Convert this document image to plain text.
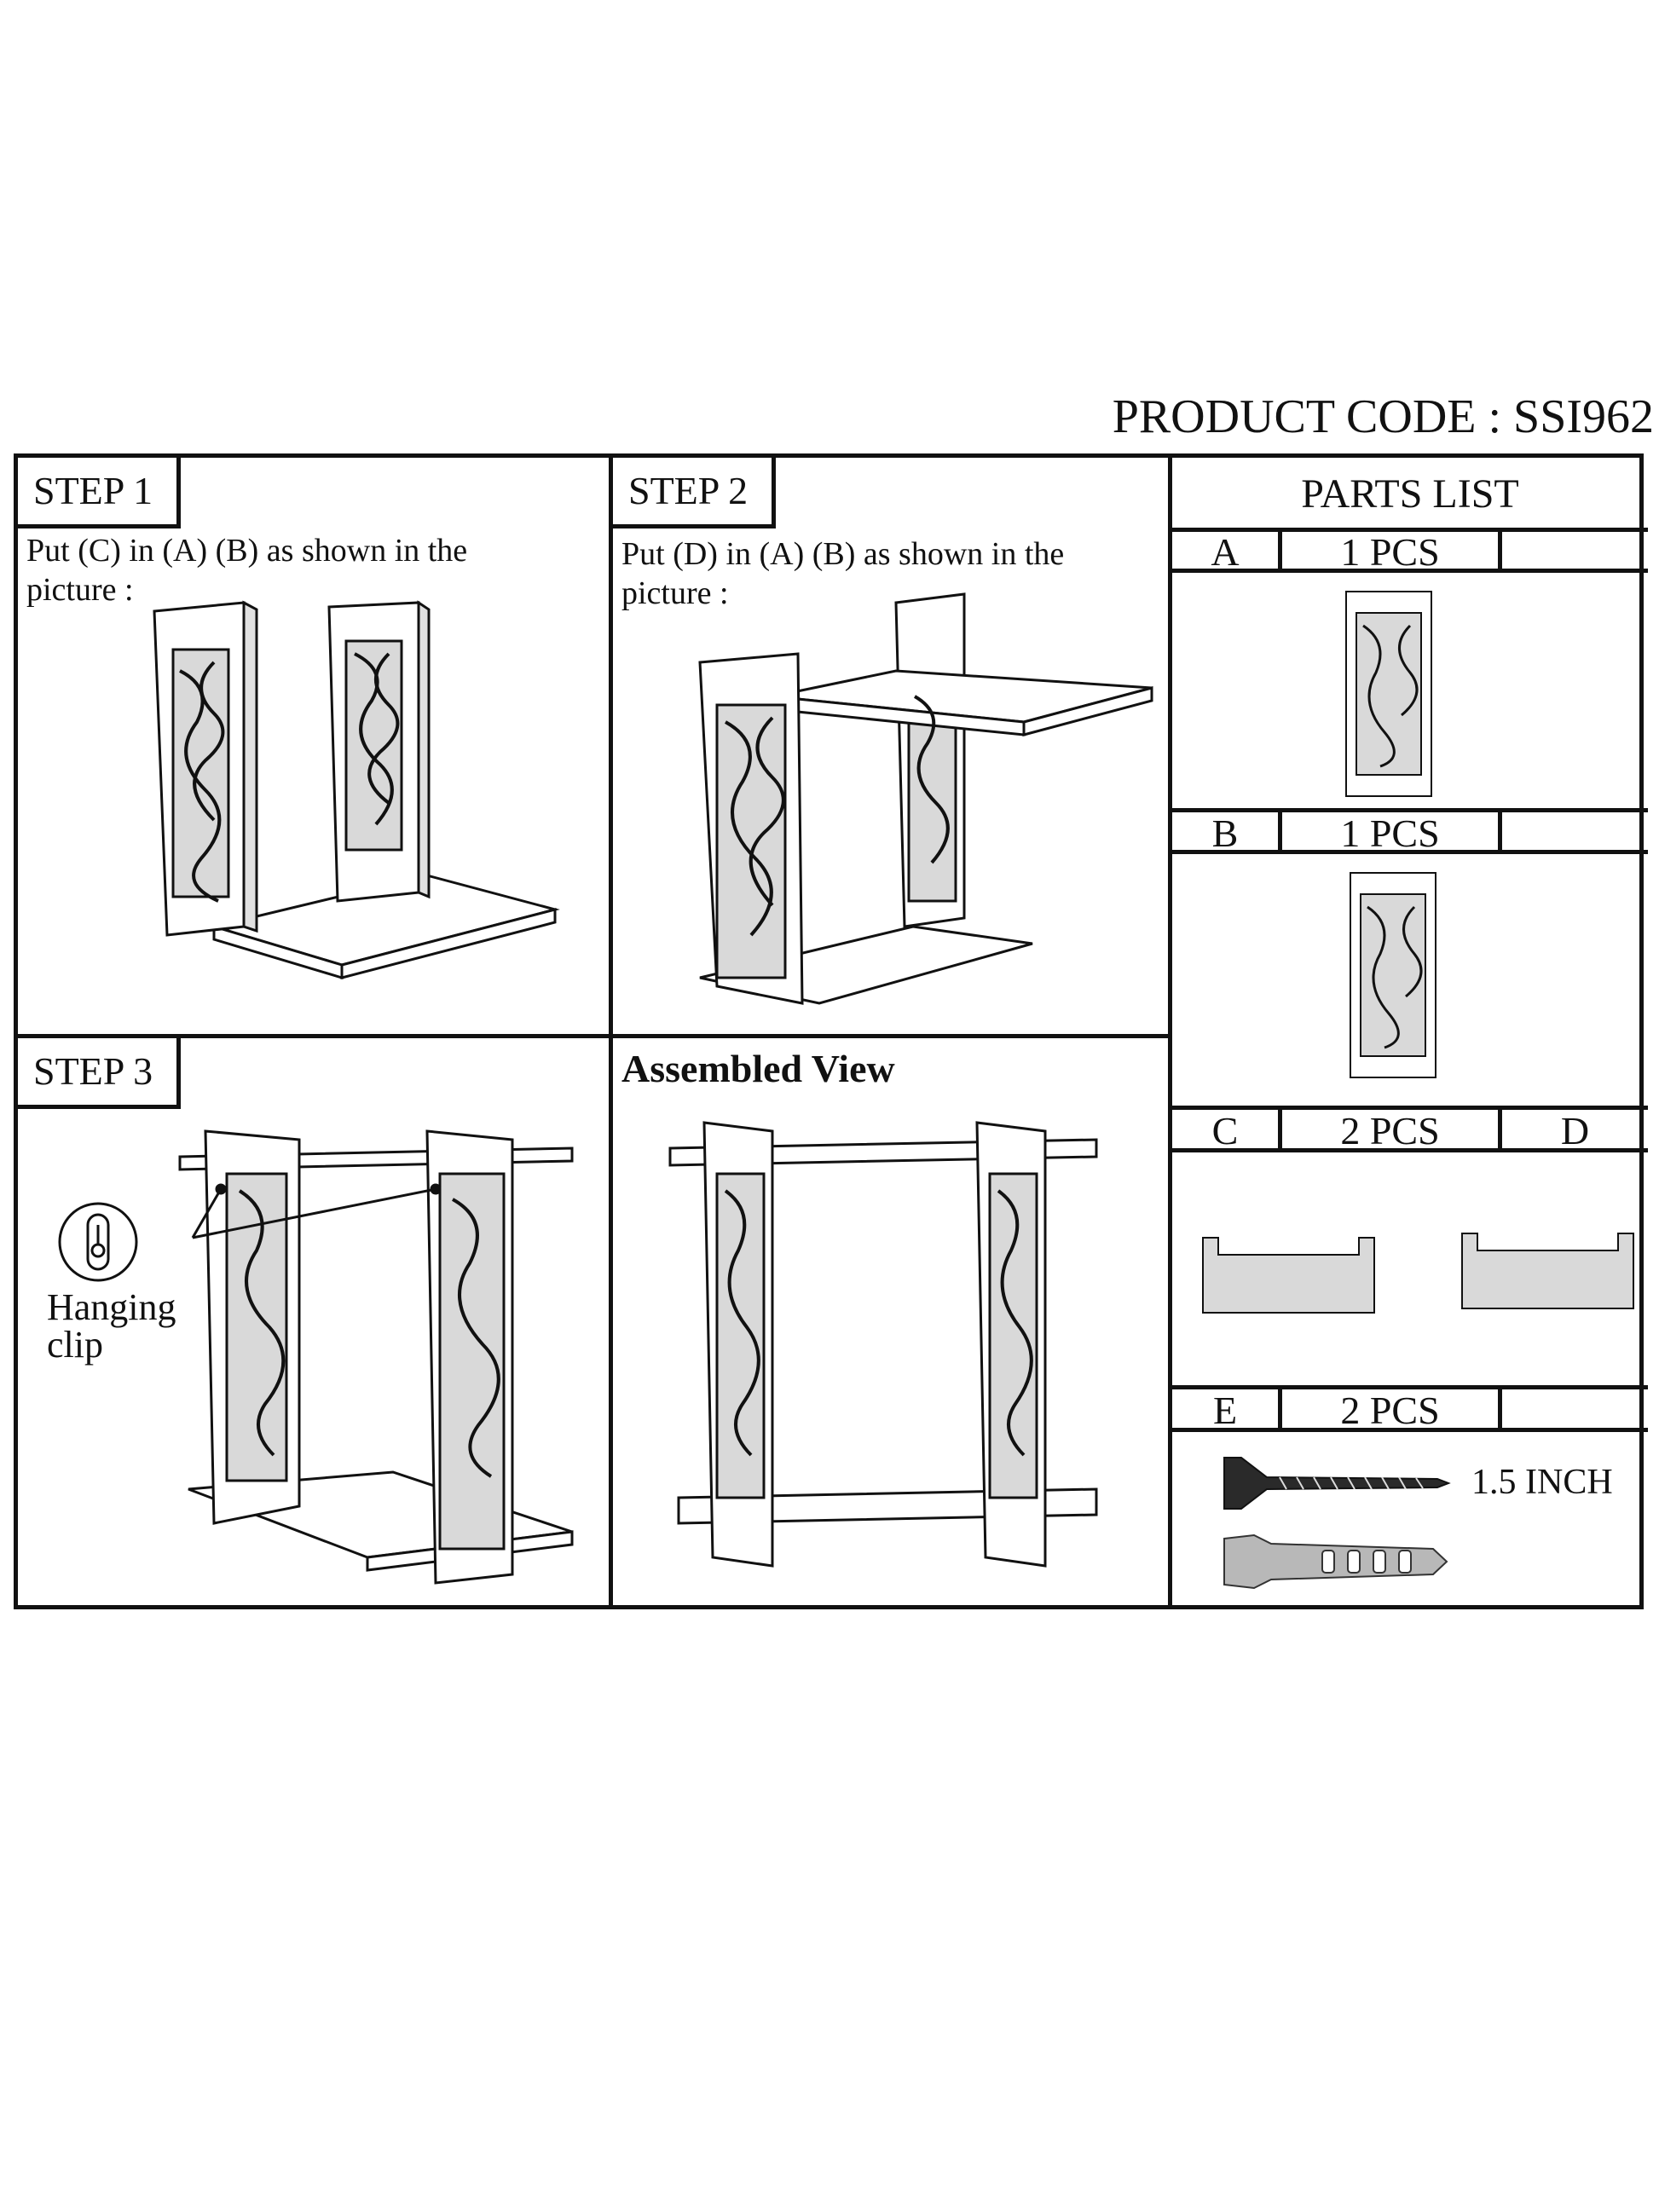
PRODUCT CODE : SSI962
STEP 1
Put (C) in (A) (B) as shown in the picture :
STEP 2
Put (D) in (A) (B) as shown in the picture :
STEP 3
Hanging clip
Assembled View
PARTS LIST
A	1 PCS
B	1 PCS
C	2 PCS	D
E	2 PCS
1.5 INCH
